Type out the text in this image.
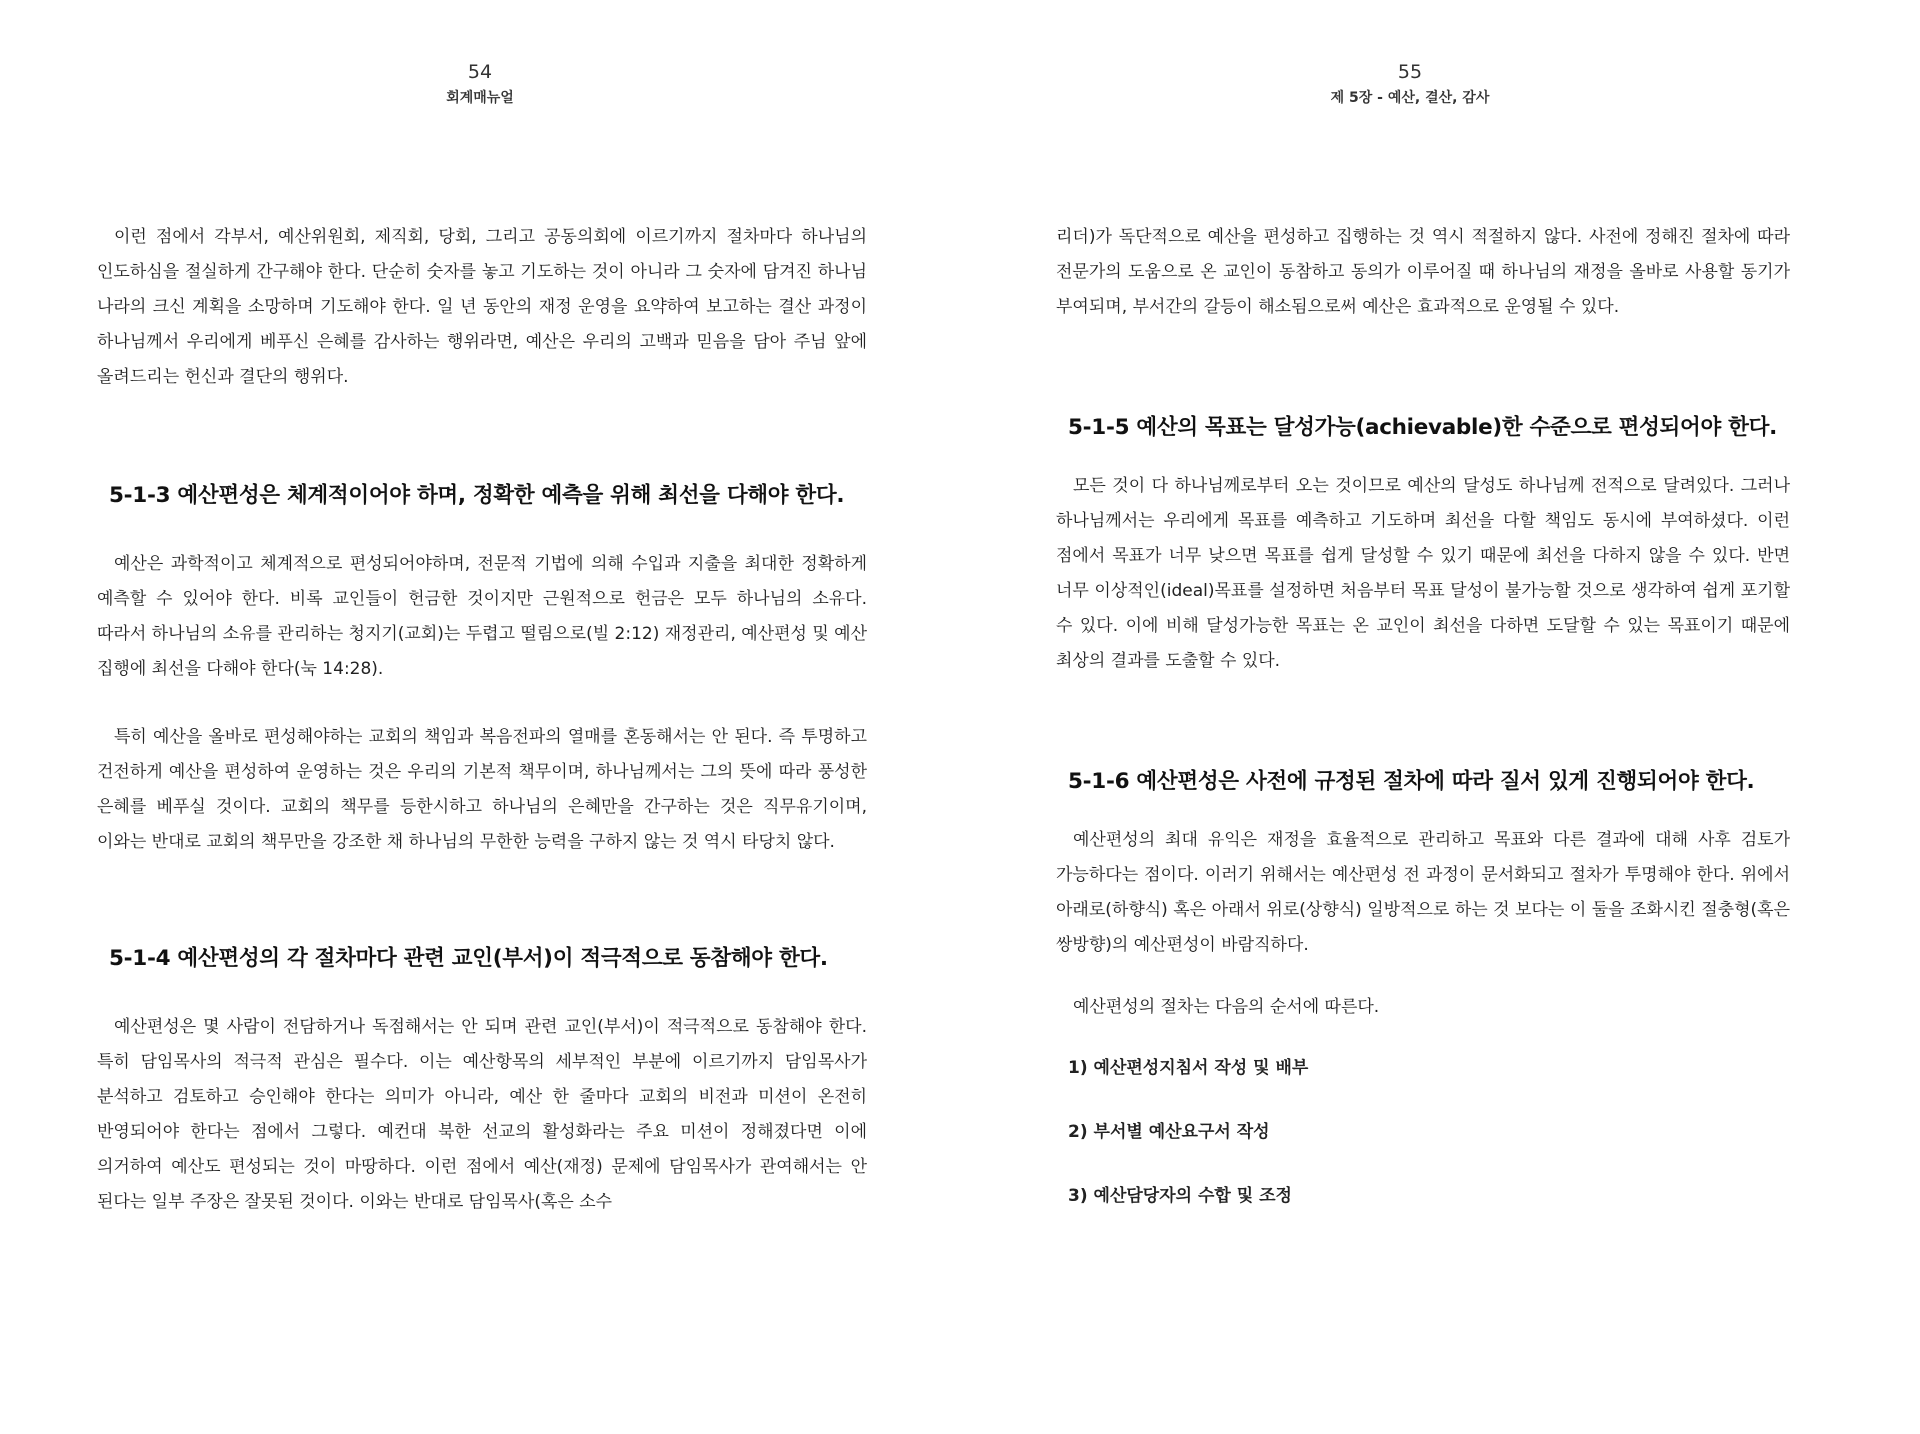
54
회계매뉴얼

이런 점에서 각부서, 예산위원회, 제직회, 당회, 그리고 공동의회에 이르기까지 절차마다 하나님의 인도하심을 절실하게 간구해야 한다. 단순히 숫자를 놓고 기도하는 것이 아니라 그 숫자에 담겨진 하나님 나라의 크신 계획을 소망하며 기도해야 한다. 일 년 동안의 재정 운영을 요약하여 보고하는 결산 과정이 하나님께서 우리에게 베푸신 은혜를 감사하는 행위라면, 예산은 우리의 고백과 믿음을 담아 주님 앞에 올려드리는 헌신과 결단의 행위다.

5-1-3 예산편성은 체계적이어야 하며, 정확한 예측을 위해 최선을 다해야 한다.

예산은 과학적이고 체계적으로 편성되어야하며, 전문적 기법에 의해 수입과 지출을 최대한 정확하게 예측할 수 있어야 한다. 비록 교인들이 헌금한 것이지만 근원적으로 헌금은 모두 하나님의 소유다. 따라서 하나님의 소유를 관리하는 청지기(교회)는 두렵고 떨림으로(빌 2:12) 재정관리, 예산편성 및 예산 집행에 최선을 다해야 한다(눅 14:28).

특히 예산을 올바로 편성해야하는 교회의 책임과 복음전파의 열매를 혼동해서는 안 된다. 즉 투명하고 건전하게 예산을 편성하여 운영하는 것은 우리의 기본적 책무이며, 하나님께서는 그의 뜻에 따라 풍성한 은혜를 베푸실 것이다. 교회의 책무를 등한시하고 하나님의 은혜만을 간구하는 것은 직무유기이며, 이와는 반대로 교회의 책무만을 강조한 채 하나님의 무한한 능력을 구하지 않는 것 역시 타당치 않다.

5-1-4 예산편성의 각 절차마다 관련 교인(부서)이 적극적으로 동참해야 한다.

예산편성은 몇 사람이 전담하거나 독점해서는 안 되며 관련 교인(부서)이 적극적으로 동참해야 한다. 특히 담임목사의 적극적 관심은 필수다. 이는 예산항목의 세부적인 부분에 이르기까지 담임목사가 분석하고 검토하고 승인해야 한다는 의미가 아니라, 예산 한 줄마다 교회의 비전과 미션이 온전히 반영되어야 한다는 점에서 그렇다. 예컨대 북한 선교의 활성화라는 주요 미션이 정해졌다면 이에 의거하여 예산도 편성되는 것이 마땅하다. 이런 점에서 예산(재정) 문제에 담임목사가 관여해서는 안 된다는 일부 주장은 잘못된 것이다. 이와는 반대로 담임목사(혹은 소수

55
제 5장 - 예산, 결산, 감사

리더)가 독단적으로 예산을 편성하고 집행하는 것 역시 적절하지 않다. 사전에 정해진 절차에 따라 전문가의 도움으로 온 교인이 동참하고 동의가 이루어질 때 하나님의 재정을 올바로 사용할 동기가 부여되며, 부서간의 갈등이 해소됨으로써 예산은 효과적으로 운영될 수 있다.

5-1-5 예산의 목표는 달성가능(achievable)한 수준으로 편성되어야 한다.

모든 것이 다 하나님께로부터 오는 것이므로 예산의 달성도 하나님께 전적으로 달려있다. 그러나 하나님께서는 우리에게 목표를 예측하고 기도하며 최선을 다할 책임도 동시에 부여하셨다. 이런 점에서 목표가 너무 낮으면 목표를 쉽게 달성할 수 있기 때문에 최선을 다하지 않을 수 있다. 반면 너무 이상적인(ideal)목표를 설정하면 처음부터 목표 달성이 불가능할 것으로 생각하여 쉽게 포기할 수 있다. 이에 비해 달성가능한 목표는 온 교인이 최선을 다하면 도달할 수 있는 목표이기 때문에 최상의 결과를 도출할 수 있다.

5-1-6 예산편성은 사전에 규정된 절차에 따라 질서 있게 진행되어야 한다.

예산편성의 최대 유익은 재정을 효율적으로 관리하고 목표와 다른 결과에 대해 사후 검토가 가능하다는 점이다. 이러기 위해서는 예산편성 전 과정이 문서화되고 절차가 투명해야 한다. 위에서 아래로(하향식) 혹은 아래서 위로(상향식) 일방적으로 하는 것 보다는 이 둘을 조화시킨 절충형(혹은 쌍방향)의 예산편성이 바람직하다.

예산편성의 절차는 다음의 순서에 따른다.

1) 예산편성지침서 작성 및 배부

2) 부서별 예산요구서 작성

3) 예산담당자의 수합 및 조정
